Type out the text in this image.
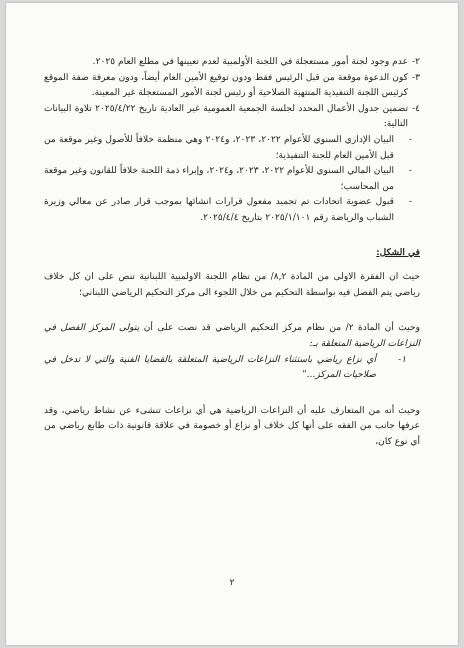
٢-
عدم وجود لجنة أمور مستعجلة في اللجنة الأولمبية لعدم تعيينها في مطلع العام ٢٠٢٥.

٣-
كون الدعوة موقعة من قبل الرئيس فقط ودون توقيع الأمين العام أيضاً، ودون معرفة صفة الموقع كرئيس اللجنة التنفيذية المنتهية الصلاحية أو رئيس لجنة الأمور المستعجلة غير المعينة.

٤-
تضمين جدول الأعمال المحدد لجلسة الجمعية العمومية غير العادية تاريخ ٢٠٢٥/٤/٢٢ تلاوة البيانات التالية:

-
البيان الإداري السنوي للأعوام ٢٠٢٢، ٢٠٢٣، و٢٠٢٤ وهي منظمة خلافاً للأصول وغير موقعة من قبل الأمين العام للجنة التنفيذية؛

-
البيان المالي السنوي للأعوام ٢٠٢٢، ٢٠٢٣، و٢٠٢٤، وإبراء ذمة اللجنة خلافاً للقانون وغير موقعة من المحاسب؛

-
قبول عضوية اتحادات تم تجميد مفعول قرارات انشائها بموجب قرار صادر عن معالي وزيرة الشباب والرياضة رقم ٢٠٢٥/١/١٠١ بتاريخ ٢٠٢٥/٤/٤.

في الشكل:

حيث ان الفقرة الاولى من المادة ٨,٢/ من نظام اللجنة الاولمبية اللبنانية تنص على ان كل خلاف رياضي يتم الفصل فيه بواسطة التحكيم من خلال اللجوء الى مركز التحكيم الرياضي اللبناني؛

وحيث أن المادة ٢/ من نظام مركز التحكيم الرياضي قد نصت على أن يتولى المركز الفصل في النزاعات الرياضية المتعلقة بـ:

١-
أي نزاع رياضي باستثناء النزاعات الرياضية المتعلقة بالقضايا الفنية والتي لا تدخل في صلاحيات المركز..."

وحيث أنه من المتعارف عليه أن النزاعات الرياضية هي أي نزاعات تنشىء عن نشاط رياضي، وقد عرفها جانب من الفقه على أنها كل خلاف أو نزاع أو خصومة في علاقة قانونية ذات طابع رياضي من أي نوع كان،

٢
